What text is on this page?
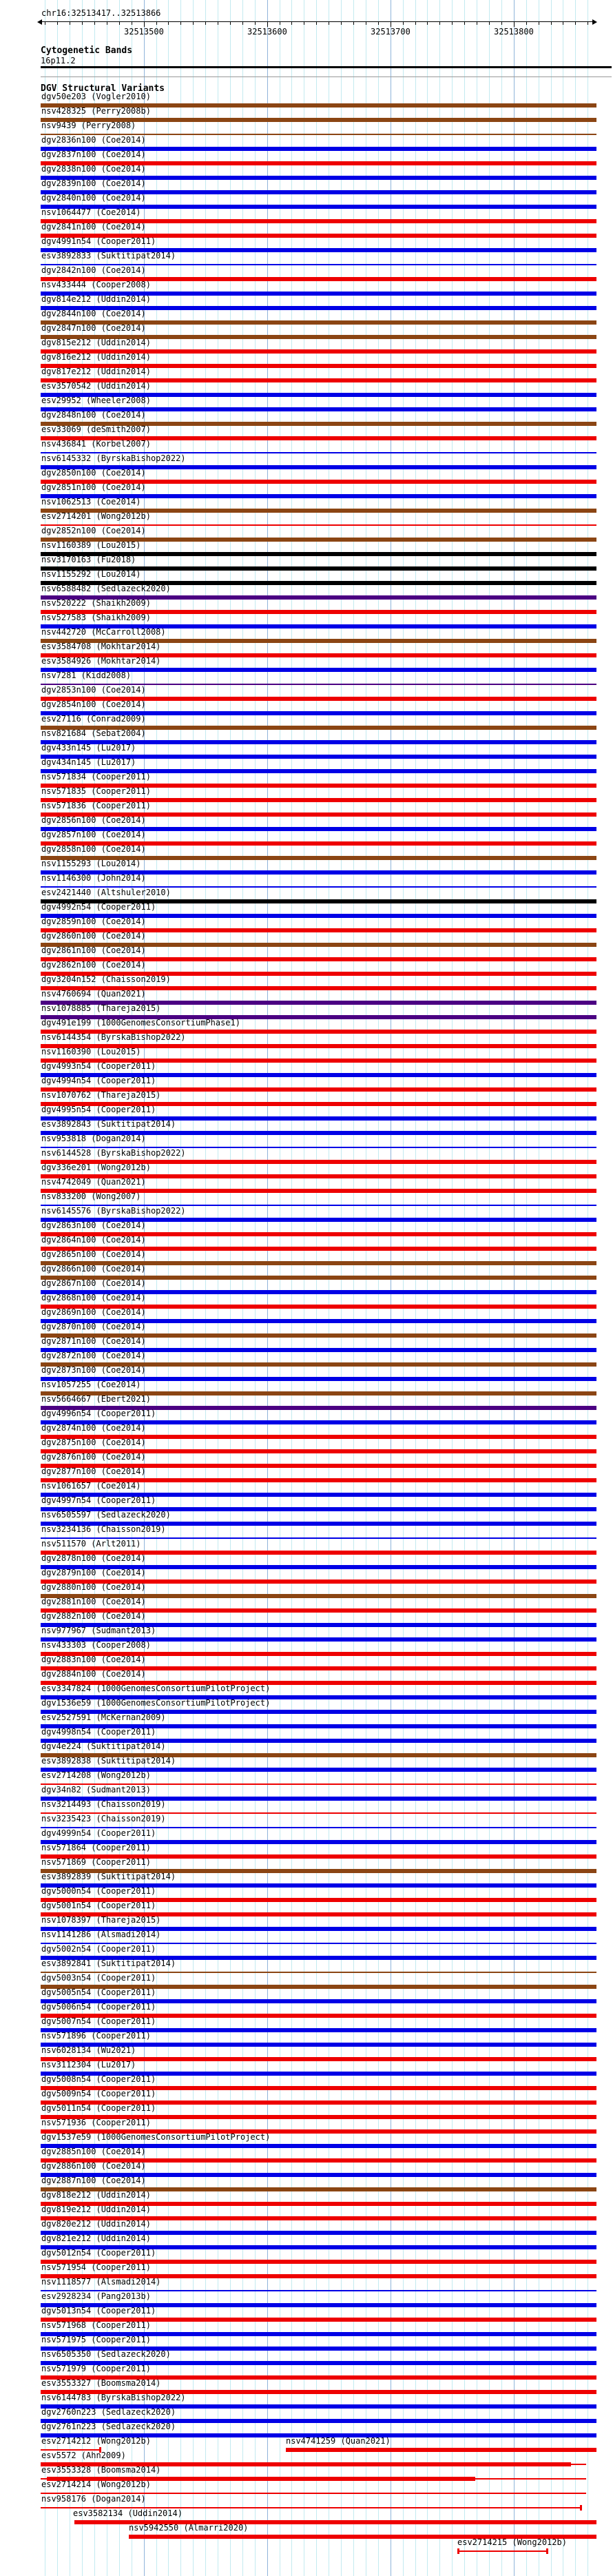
chr16:32513417..32513866
32513500	32513600	32513700	32513800
Cytogenetic Bands
16p11.2
DGV Structural Variants
dgv50e203 (Vogler2010)
nsv428325 (Perry2008b)
nsv9439 (Perry2008)
dgv2836n100 (Coe2014)
dgv2837n100 (Coe2014)
dgv2838n100 (Coe2014)
dgv2839n100 (Coe2014)
dgv2840n100 (Coe2014)
nsv1064477 (Coe2014)
dgv2841n100 (Coe2014)
dgv4991n54 (Cooper2011)
esv3892833 (Suktitipat2014)
dgv2842n100 (Coe2014)
nsv433444 (Cooper2008)
dgv814e212 (Uddin2014)
dgv2844n100 (Coe2014)
dgv2847n100 (Coe2014)
dgv815e212 (Uddin2014)
dgv816e212 (Uddin2014)
dgv817e212 (Uddin2014)
esv3570542 (Uddin2014)
esv29952 (Wheeler2008)
dgv2848n100 (Coe2014)
esv33069 (deSmith2007)
nsv436841 (Korbel2007)
nsv6145332 (ByrskaBishop2022)
dgv2850n100 (Coe2014)
dgv2851n100 (Coe2014)
nsv1062513 (Coe2014)
esv2714201 (Wong2012b)
dgv2852n100 (Coe2014)
nsv1160389 (Lou2015)
nsv3170163 (Fu2018)
nsv1155292 (Lou2014)
nsv6588482 (Sedlazeck2020)
nsv520222 (Shaikh2009)
nsv527583 (Shaikh2009)
nsv442720 (McCarroll2008)
esv3584708 (Mokhtar2014)
esv3584926 (Mokhtar2014)
nsv7281 (Kidd2008)
dgv2853n100 (Coe2014)
dgv2854n100 (Coe2014)
esv27116 (Conrad2009)
nsv821684 (Sebat2004)
dgv433n145 (Lu2017)
dgv434n145 (Lu2017)
nsv571834 (Cooper2011)
nsv571835 (Cooper2011)
nsv571836 (Cooper2011)
dgv2856n100 (Coe2014)
dgv2857n100 (Coe2014)
dgv2858n100 (Coe2014)
nsv1155293 (Lou2014)
nsv1146300 (John2014)
esv2421440 (Altshuler2010)
dgv4992n54 (Cooper2011)
dgv2859n100 (Coe2014)
dgv2860n100 (Coe2014)
dgv2861n100 (Coe2014)
dgv2862n100 (Coe2014)
dgv3204n152 (Chaisson2019)
nsv4760694 (Quan2021)
nsv1078885 (Thareja2015)
dgv491e199 (1000GenomesConsortiumPhase1)
nsv6144354 (ByrskaBishop2022)
nsv1160390 (Lou2015)
dgv4993n54 (Cooper2011)
dgv4994n54 (Cooper2011)
nsv1070762 (Thareja2015)
dgv4995n54 (Cooper2011)
esv3892843 (Suktitipat2014)
nsv953818 (Dogan2014)
nsv6144528 (ByrskaBishop2022)
dgv336e201 (Wong2012b)
nsv4742049 (Quan2021)
nsv833200 (Wong2007)
nsv6145576 (ByrskaBishop2022)
dgv2863n100 (Coe2014)
dgv2864n100 (Coe2014)
dgv2865n100 (Coe2014)
dgv2866n100 (Coe2014)
dgv2867n100 (Coe2014)
dgv2868n100 (Coe2014)
dgv2869n100 (Coe2014)
dgv2870n100 (Coe2014)
dgv2871n100 (Coe2014)
dgv2872n100 (Coe2014)
dgv2873n100 (Coe2014)
nsv1057255 (Coe2014)
nsv5664667 (Ebert2021)
dgv4996n54 (Cooper2011)
dgv2874n100 (Coe2014)
dgv2875n100 (Coe2014)
dgv2876n100 (Coe2014)
dgv2877n100 (Coe2014)
nsv1061657 (Coe2014)
dgv4997n54 (Cooper2011)
nsv6505597 (Sedlazeck2020)
nsv3234136 (Chaisson2019)
nsv511570 (Arlt2011)
dgv2878n100 (Coe2014)
dgv2879n100 (Coe2014)
dgv2880n100 (Coe2014)
dgv2881n100 (Coe2014)
dgv2882n100 (Coe2014)
nsv977967 (Sudmant2013)
nsv433303 (Cooper2008)
dgv2883n100 (Coe2014)
dgv2884n100 (Coe2014)
esv3347824 (1000GenomesConsortiumPilotProject)
dgv1536e59 (1000GenomesConsortiumPilotProject)
esv2527591 (McKernan2009)
dgv4998n54 (Cooper2011)
dgv4e224 (Suktitipat2014)
esv3892838 (Suktitipat2014)
esv2714208 (Wong2012b)
dgv34n82 (Sudmant2013)
nsv3214493 (Chaisson2019)
nsv3235423 (Chaisson2019)
dgv4999n54 (Cooper2011)
nsv571864 (Cooper2011)
nsv571869 (Cooper2011)
esv3892839 (Suktitipat2014)
dgv5000n54 (Cooper2011)
dgv5001n54 (Cooper2011)
nsv1078397 (Thareja2015)
nsv1141286 (Alsmadi2014)
dgv5002n54 (Cooper2011)
esv3892841 (Suktitipat2014)
dgv5003n54 (Cooper2011)
dgv5005n54 (Cooper2011)
dgv5006n54 (Cooper2011)
dgv5007n54 (Cooper2011)
nsv571896 (Cooper2011)
nsv6028134 (Wu2021)
nsv3112304 (Lu2017)
dgv5008n54 (Cooper2011)
dgv5009n54 (Cooper2011)
dgv5011n54 (Cooper2011)
nsv571936 (Cooper2011)
dgv1537e59 (1000GenomesConsortiumPilotProject)
dgv2885n100 (Coe2014)
dgv2886n100 (Coe2014)
dgv2887n100 (Coe2014)
dgv818e212 (Uddin2014)
dgv819e212 (Uddin2014)
dgv820e212 (Uddin2014)
dgv821e212 (Uddin2014)
dgv5012n54 (Cooper2011)
nsv571954 (Cooper2011)
nsv1118577 (Alsmadi2014)
esv2928234 (Pang2013b)
dgv5013n54 (Cooper2011)
nsv571968 (Cooper2011)
nsv571975 (Cooper2011)
nsv6505350 (Sedlazeck2020)
nsv571979 (Cooper2011)
esv3553327 (Boomsma2014)
nsv6144783 (ByrskaBishop2022)
dgv2760n223 (Sedlazeck2020)
dgv2761n223 (Sedlazeck2020)
esv2714212 (Wong2012b)	nsv4741259 (Quan2021)
esv5572 (Ahn2009)
esv3553328 (Boomsma2014)
esv2714214 (Wong2012b)
nsv958176 (Dogan2014)
esv3582134 (Uddin2014)
nsv5942550 (Almarri2020)
esv2714215 (Wong2012b)
